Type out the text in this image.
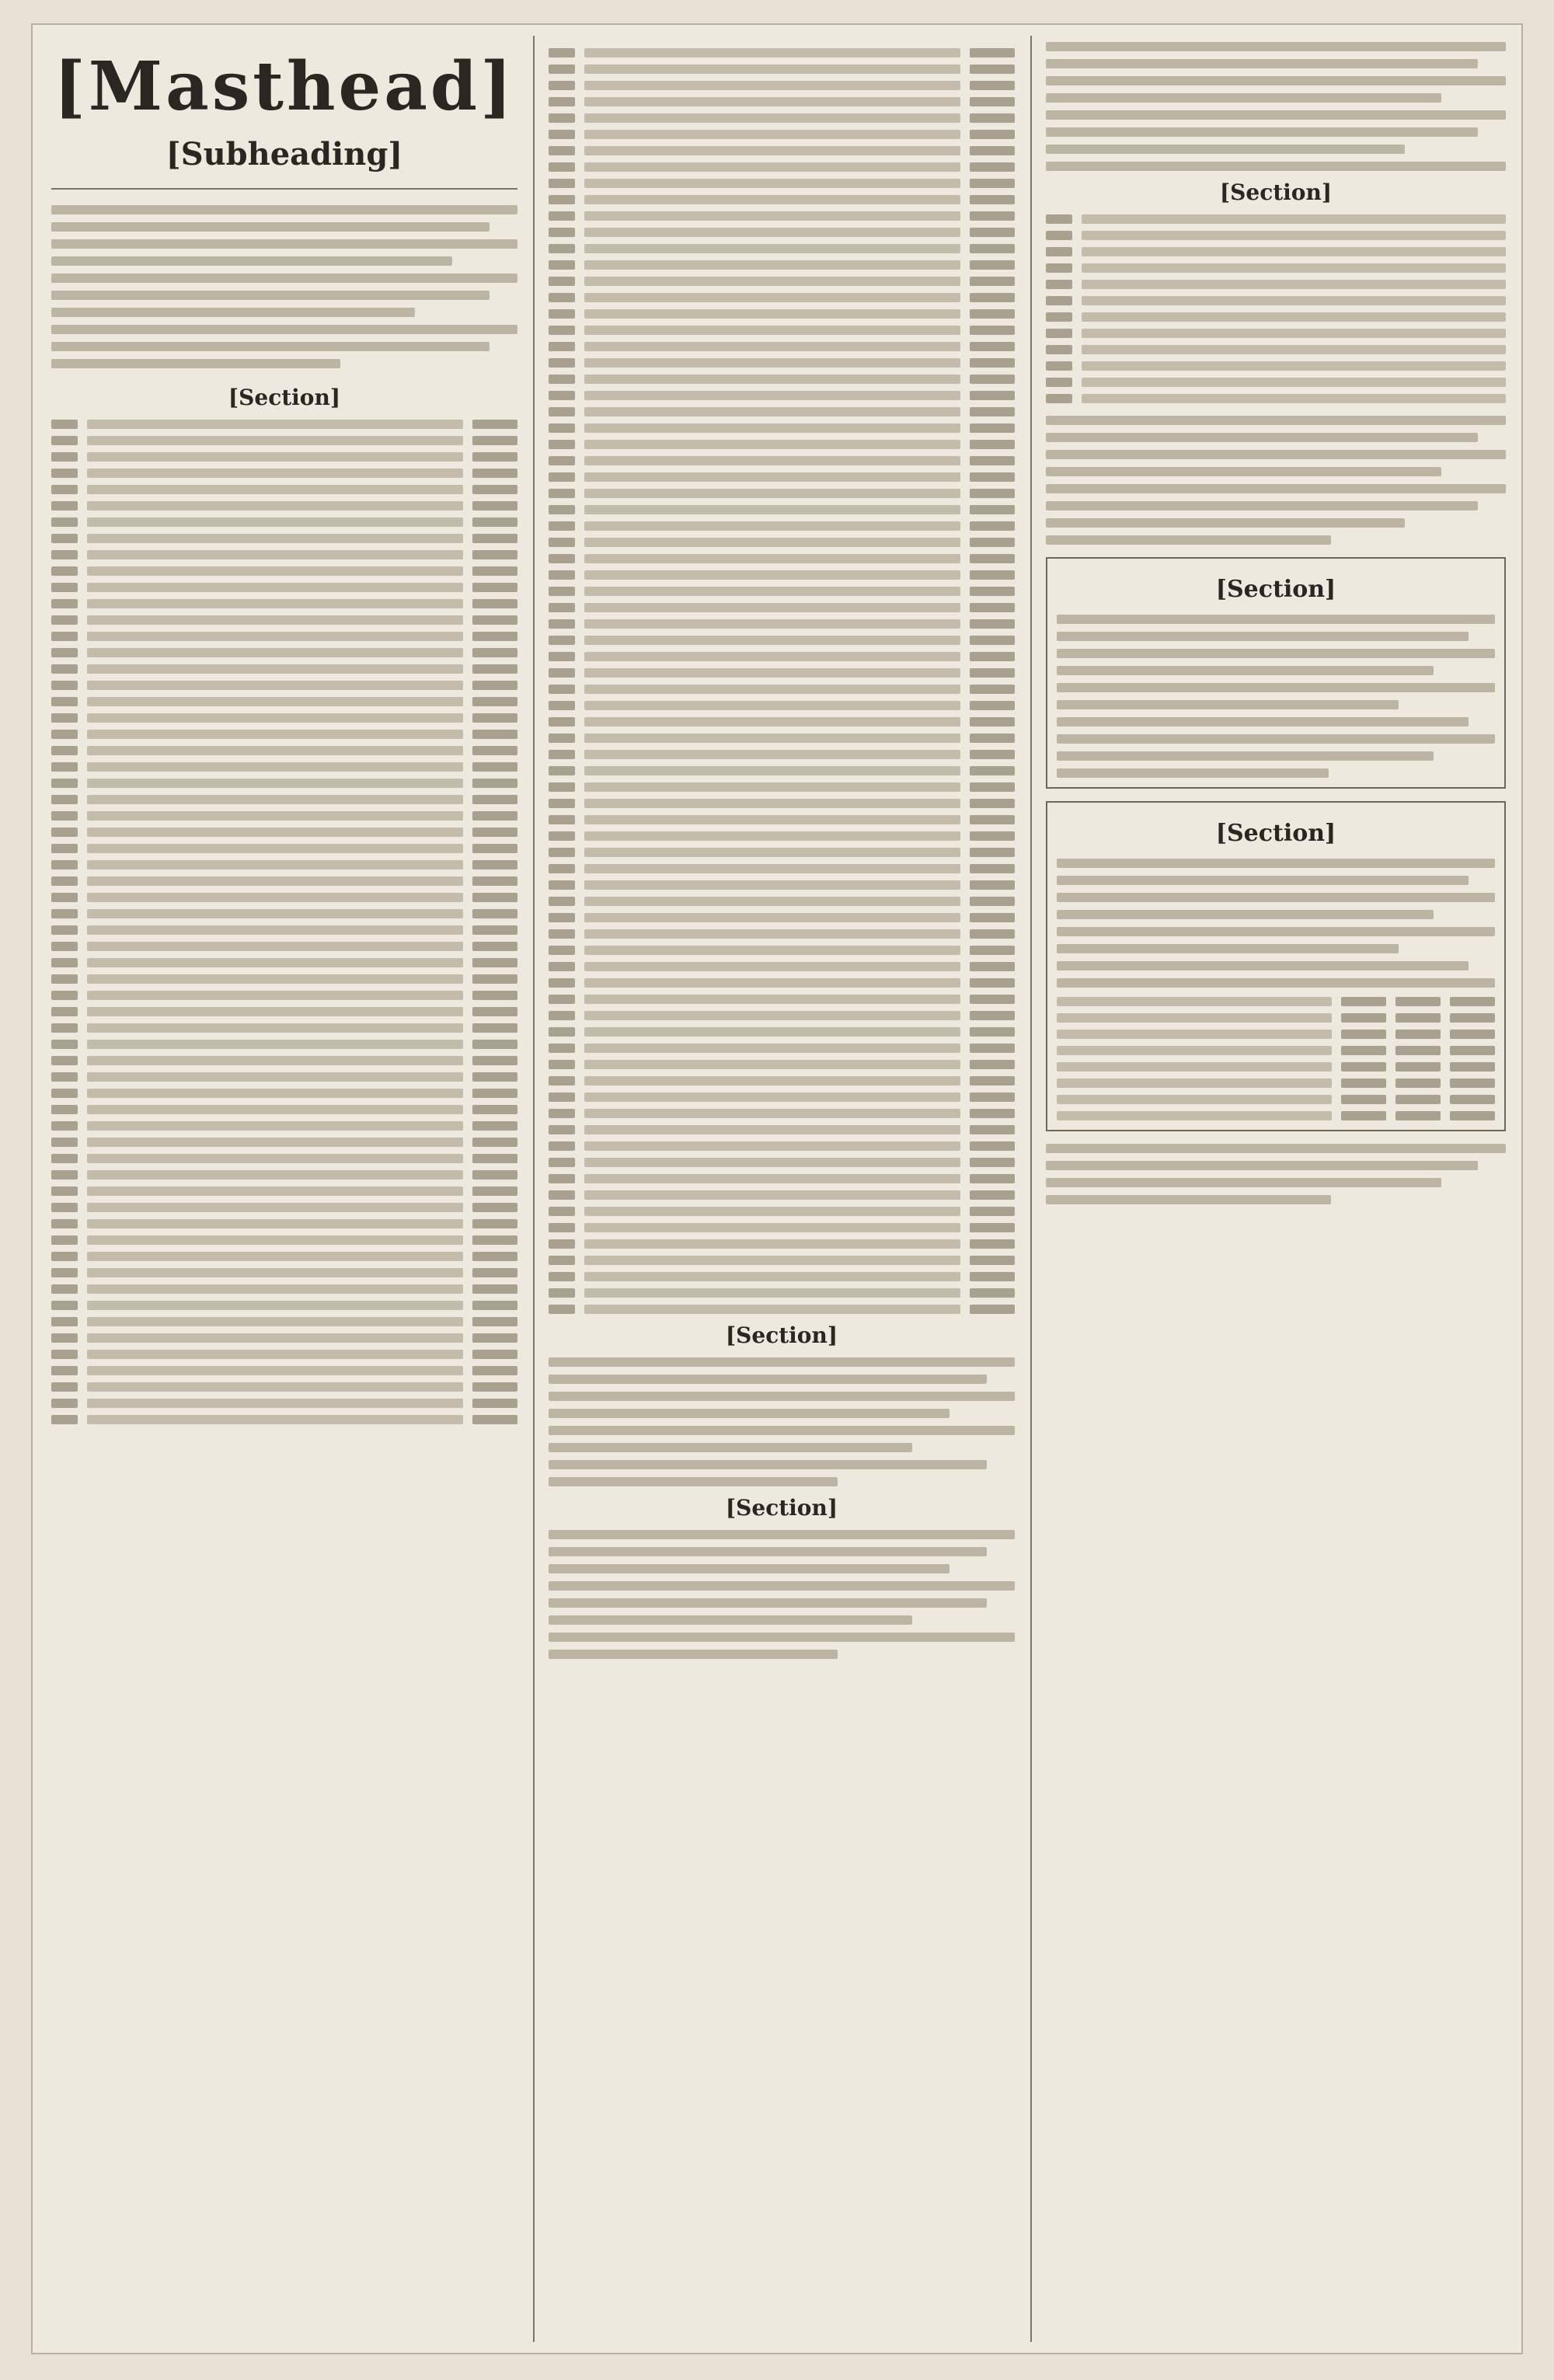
[Masthead]
[Subheading]
[Section]
[Section]
[Section]
[Section]
[Section]
[Section]
